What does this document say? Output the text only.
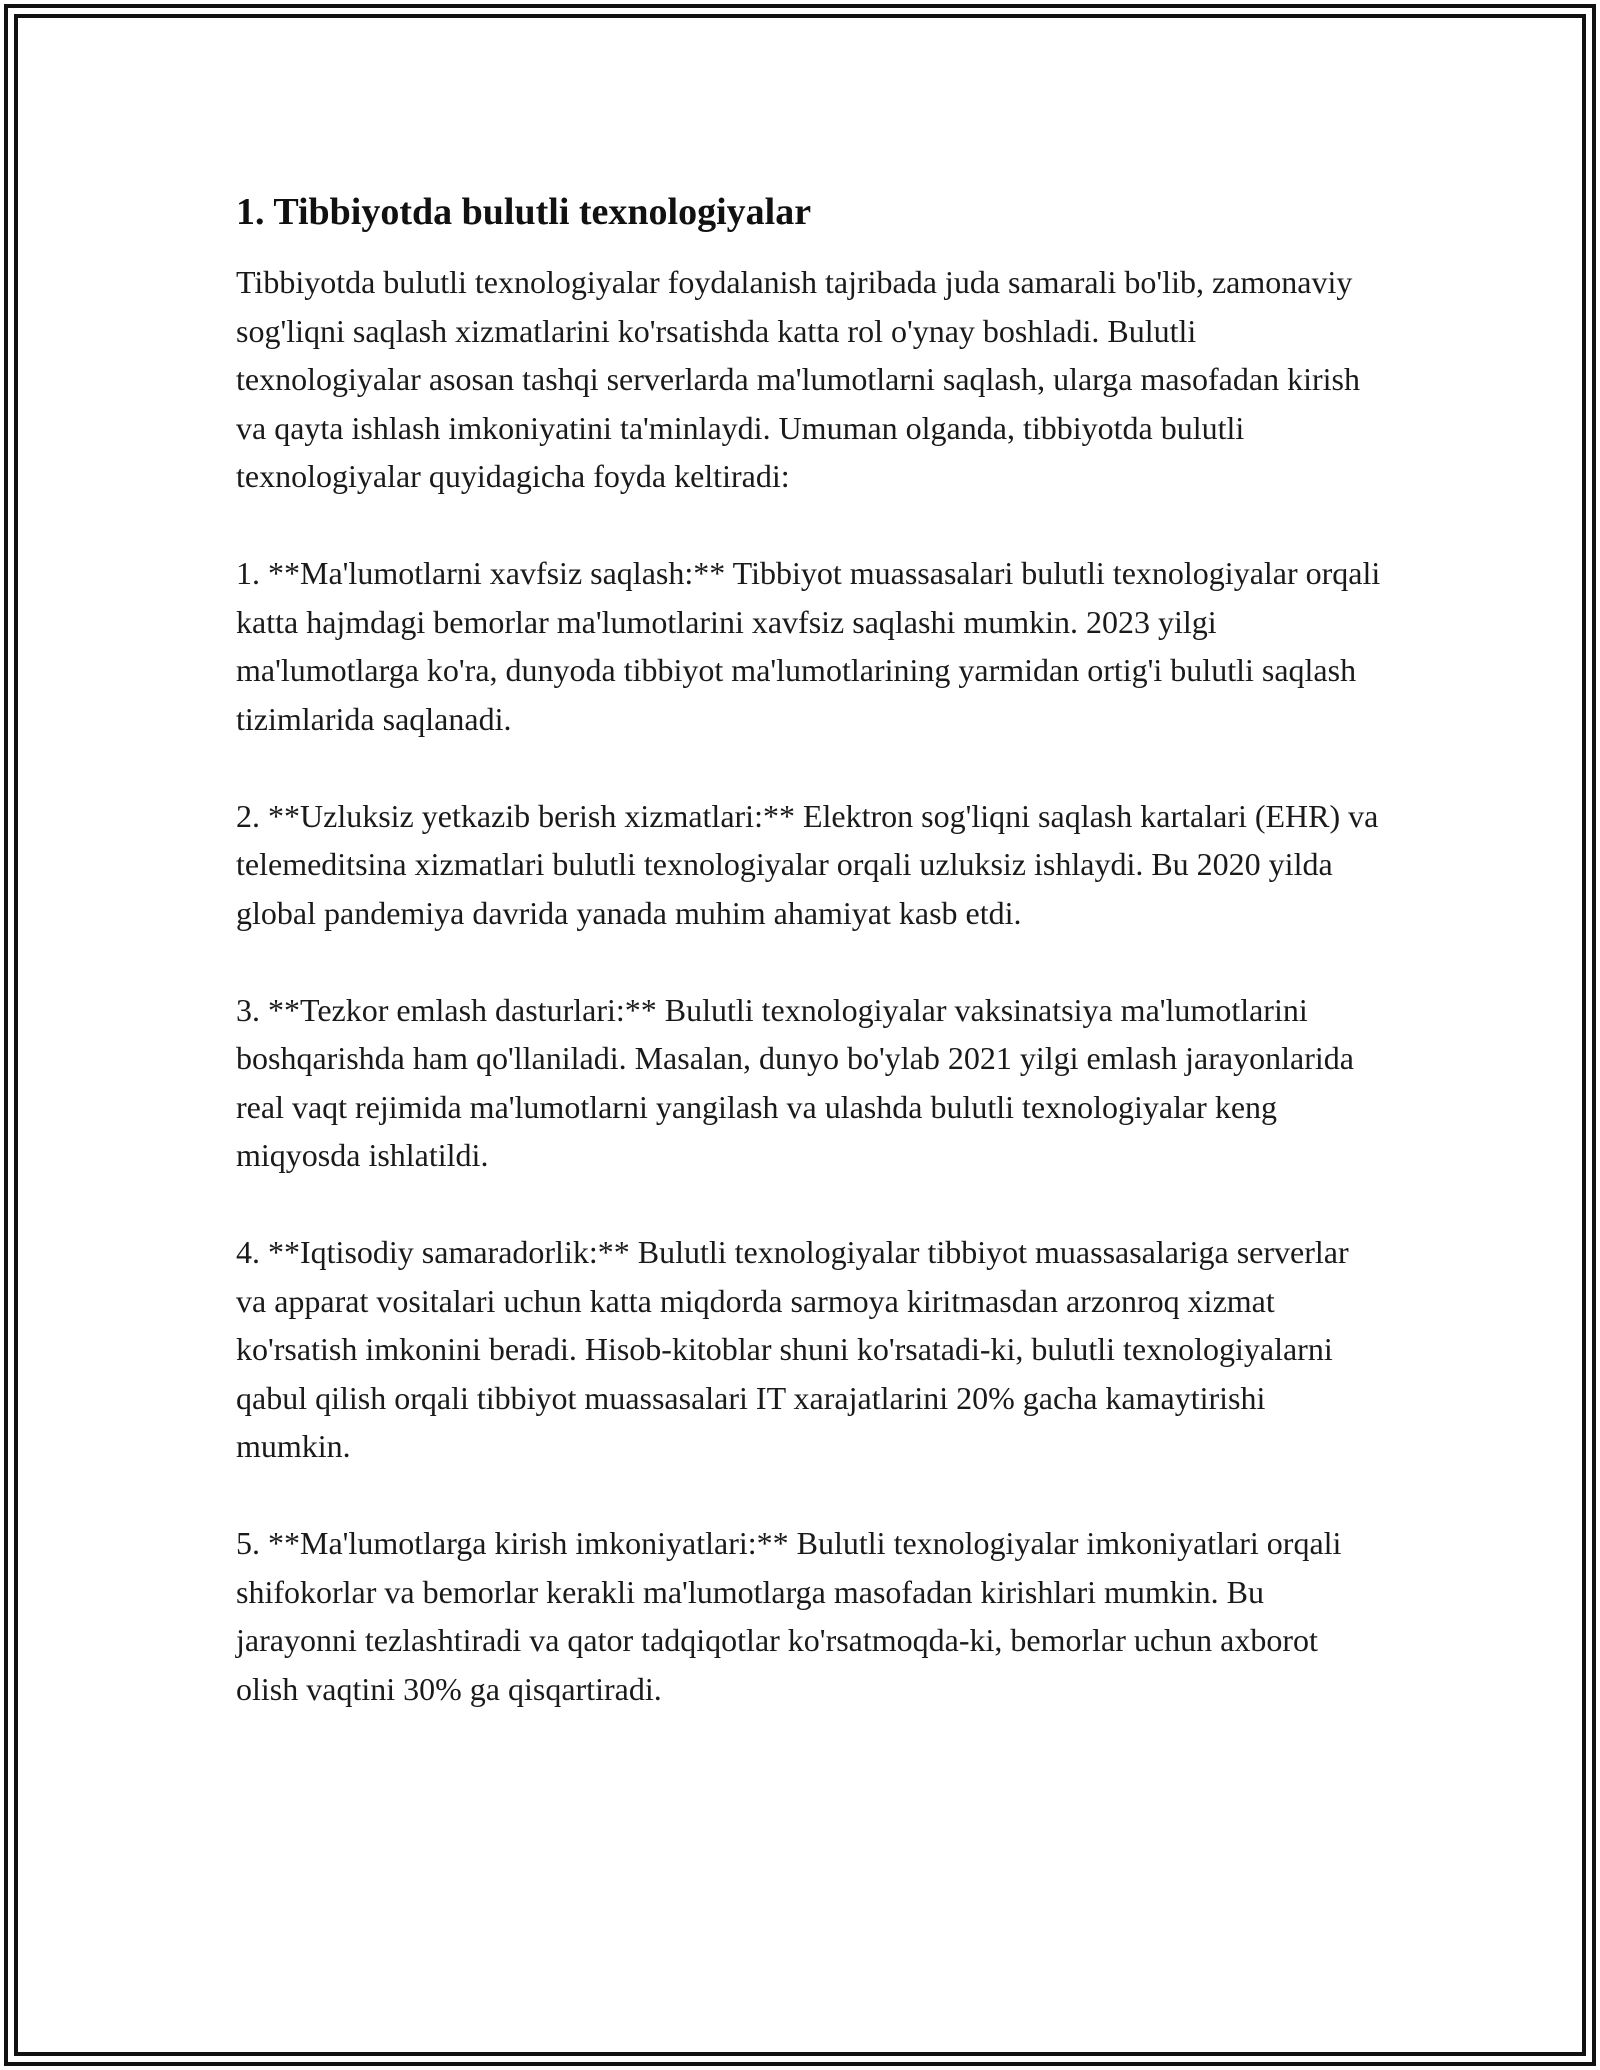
1. Tibbiyotda bulutli texnologiyalar

Tibbiyotda bulutli texnologiyalar foydalanish tajribada juda samarali bo'lib, zamonaviy sog'liqni saqlash xizmatlarini ko'rsatishda katta rol o'ynay boshladi. Bulutli texnologiyalar asosan tashqi serverlarda ma'lumotlarni saqlash, ularga masofadan kirish va qayta ishlash imkoniyatini ta'minlaydi. Umuman olganda, tibbiyotda bulutli texnologiyalar quyidagicha foyda keltiradi:

1. **Ma'lumotlarni xavfsiz saqlash:** Tibbiyot muassasalari bulutli texnologiyalar orqali katta hajmdagi bemorlar ma'lumotlarini xavfsiz saqlashi mumkin. 2023 yilgi ma'lumotlarga ko'ra, dunyoda tibbiyot ma'lumotlarining yarmidan ortig'i bulutli saqlash tizimlarida saqlanadi.

2. **Uzluksiz yetkazib berish xizmatlari:** Elektron sog'liqni saqlash kartalari (EHR) va telemeditsina xizmatlari bulutli texnologiyalar orqali uzluksiz ishlaydi. Bu 2020 yilda global pandemiya davrida yanada muhim ahamiyat kasb etdi.

3. **Tezkor emlash dasturlari:** Bulutli texnologiyalar vaksinatsiya ma'lumotlarini boshqarishda ham qo'llaniladi. Masalan, dunyo bo'ylab 2021 yilgi emlash jarayonlarida real vaqt rejimida ma'lumotlarni yangilash va ulashda bulutli texnologiyalar keng miqyosda ishlatildi.

4. **Iqtisodiy samaradorlik:** Bulutli texnologiyalar tibbiyot muassasalariga serverlar va apparat vositalari uchun katta miqdorda sarmoya kiritmasdan arzonroq xizmat ko'rsatish imkonini beradi. Hisob-kitoblar shuni ko'rsatadi-ki, bulutli texnologiyalarni qabul qilish orqali tibbiyot muassasalari IT xarajatlarini 20% gacha kamaytirishi mumkin.

5. **Ma'lumotlarga kirish imkoniyatlari:** Bulutli texnologiyalar imkoniyatlari orqali shifokorlar va bemorlar kerakli ma'lumotlarga masofadan kirishlari mumkin. Bu jarayonni tezlashtiradi va qator tadqiqotlar ko'rsatmoqda-ki, bemorlar uchun axborot olish vaqtini 30% ga qisqartiradi.
